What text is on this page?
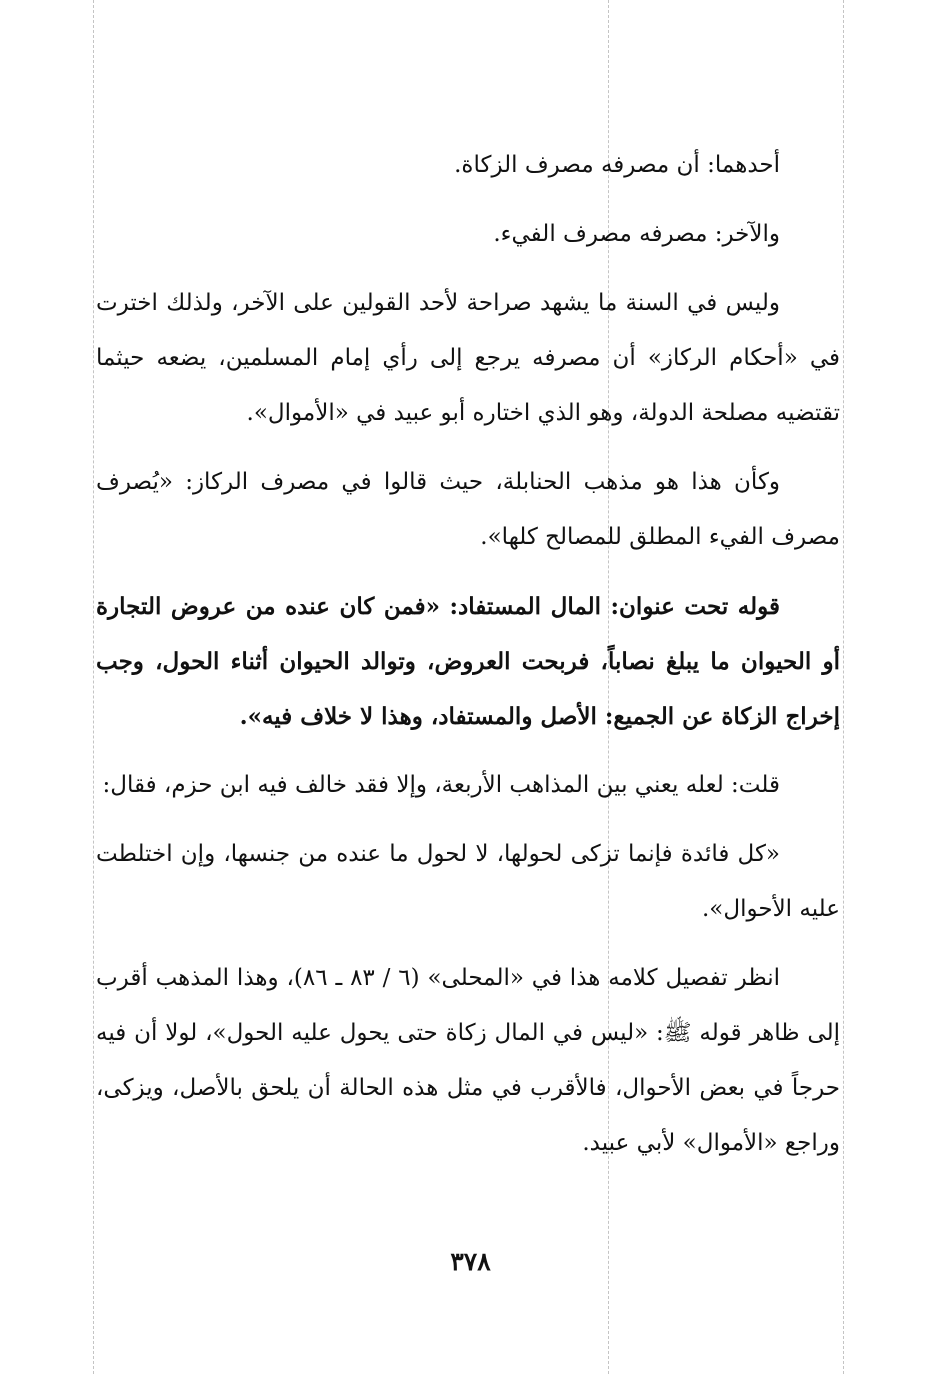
أحدهما: أن مصرفه مصرف الزكاة.

والآخر: مصرفه مصرف الفيء.

وليس في السنة ما يشهد صراحة لأحد القولين على الآخر، ولذلك اخترت في «أحكام الركاز» أن مصرفه يرجع إلى رأي إمام المسلمين، يضعه حيثما تقتضيه مصلحة الدولة، وهو الذي اختاره أبو عبيد في «الأموال».

وكأن هذا هو مذهب الحنابلة، حيث قالوا في مصرف الركاز: «يُصرف مصرف الفيء المطلق للمصالح كلها».

قوله تحت عنوان: المال المستفاد: «فمن كان عنده من عروض التجارة أو الحيوان ما يبلغ نصاباً، فربحت العروض، وتوالد الحيوان أثناء الحول، وجب إخراج الزكاة عن الجميع: الأصل والمستفاد، وهذا لا خلاف فيه».

قلت: لعله يعني بين المذاهب الأربعة، وإلا فقد خالف فيه ابن حزم، فقال:

«كل فائدة فإنما تزكى لحولها، لا لحول ما عنده من جنسها، وإن اختلطت عليه الأحوال».

انظر تفصيل كلامه هذا في «المحلى» (٦ / ٨٣ ـ ٨٦)، وهذا المذهب أقرب إلى ظاهر قوله ﷺ: «ليس في المال زكاة حتى يحول عليه الحول»، لولا أن فيه حرجاً في بعض الأحوال، فالأقرب في مثل هذه الحالة أن يلحق بالأصل، ويزكى، وراجع «الأموال» لأبي عبيد.

٣٧٨
